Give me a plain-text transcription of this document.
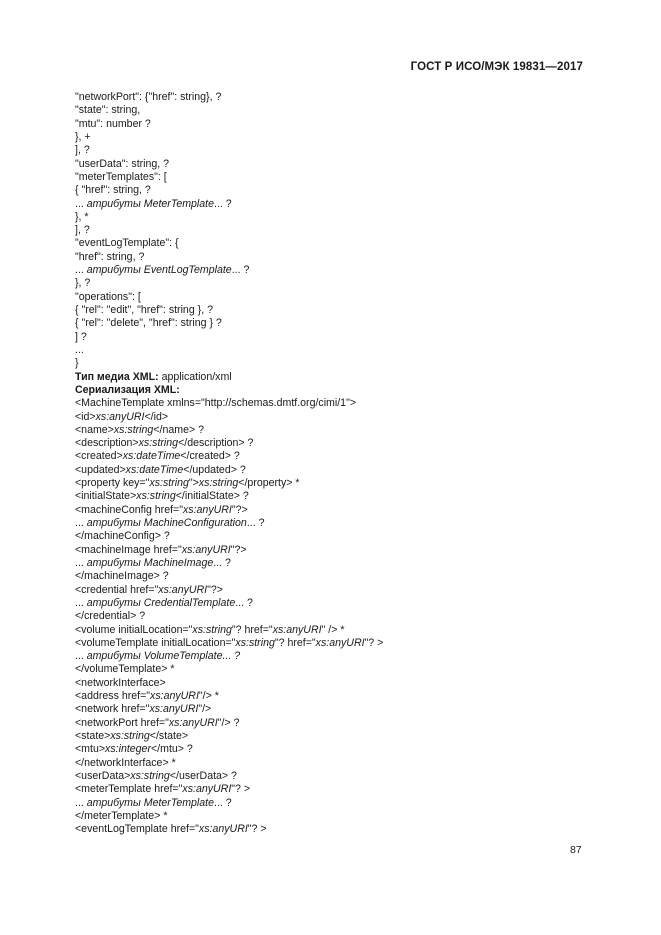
ГОСТ Р ИСО/МЭК 19831—2017
"networkPort": {"href": string}, ?
"state": string,
"mtu": number ?
}, +
], ?
"userData": string, ?
"meterTemplates": [
{ "href": string, ?
... атрибуты MeterTemplate... ?
}, *
], ?
"eventLogTemplate": {
"href": string, ?
... атрибуты EventLogTemplate... ?
}, ?
"operations": [
{ "rel": "edit", "href": string }, ?
{ "rel": "delete", "href": string } ?
] ?
...
}
Тип медиа XML: application/xml
Сериализация XML:
<MachineTemplate xmlns="http://schemas.dmtf.org/cimi/1">
<id>xs:anyURI</id>
<name>xs:string</name> ?
<description>xs:string</description> ?
<created>xs:dateTime</created> ?
<updated>xs:dateTime</updated> ?
<property key="xs:string">xs:string</property> *
<initialState>xs:string</initialState> ?
<machineConfig href="xs:anyURI"?>
... атрибуты MachineConfiguration... ?
</machineConfig> ?
<machineImage href="xs:anyURI"?>
... атрибуты MachineImage... ?
</machineImage> ?
<credential href="xs:anyURI"?>
... атрибуты CredentialTemplate... ?
</credential> ?
<volume initialLocation="xs:string"? href="xs:anyURI" /> *
<volumeTemplate initialLocation="xs:string"? href="xs:anyURI"? >
... атрибуты VolumeTemplate... ?
</volumeTemplate> *
<networkInterface>
<address href="xs:anyURI"/> *
<network href="xs:anyURI"/>
<networkPort href="xs:anyURI"/> ?
<state>xs:string</state>
<mtu>xs:integer</mtu> ?
</networkInterface> *
<userData>xs:string</userData> ?
<meterTemplate href="xs:anyURI"? >
... атрибуты MeterTemplate... ?
</meterTemplate> *
<eventLogTemplate href="xs:anyURI"? >
87
